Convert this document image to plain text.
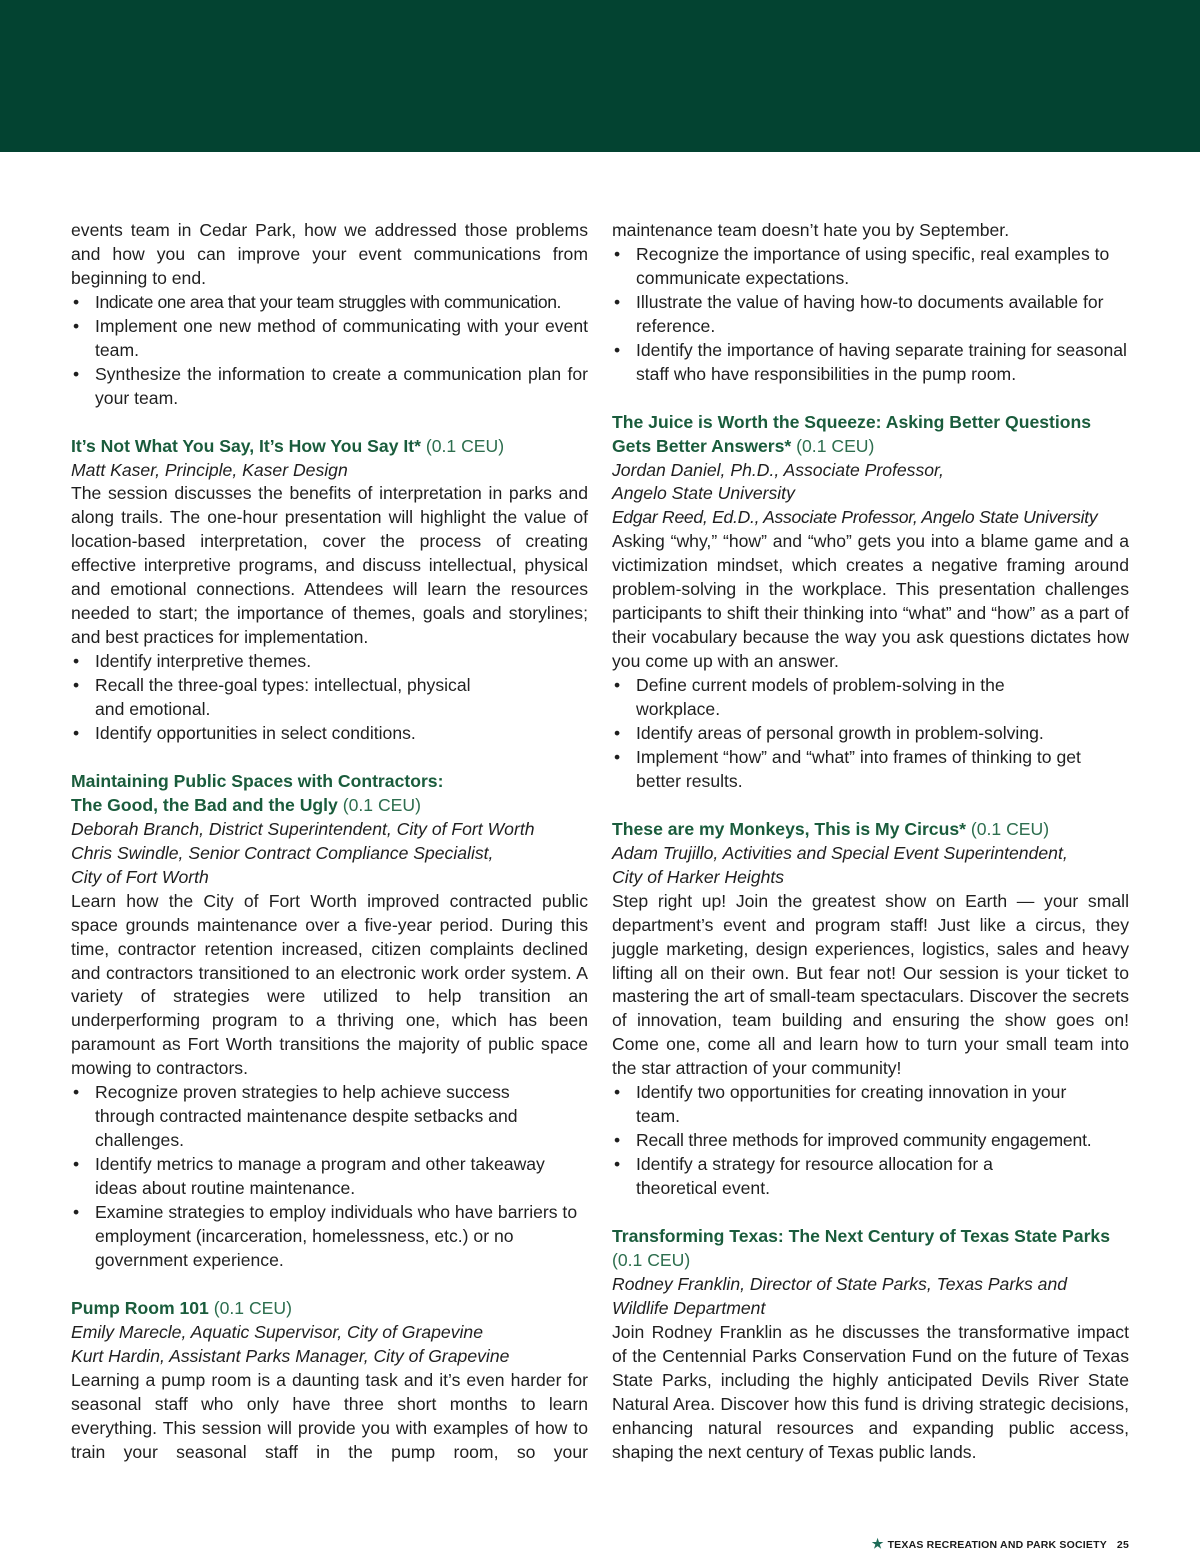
events team in Cedar Park, how we addressed those problems and how you can improve your event communications from beginning to end.

• Indicate one area that your team struggles with communication.
• Implement one new method of communicating with your event team.
• Synthesize the information to create a communication plan for your team.

It’s Not What You Say, It’s How You Say It* (0.1 CEU)

Matt Kaser, Principle, Kaser Design

The session discusses the benefits of interpretation in parks and along trails. The one-hour presentation will highlight the value of location-based interpretation, cover the process of creating effective interpretive programs, and discuss intellectual, physical and emotional connections. Attendees will learn the resources needed to start; the importance of themes, goals and storylines; and best practices for implementation.

• Identify interpretive themes.
• Recall the three-goal types: intellectual, physical and emotional.
• Identify opportunities in select conditions.

Maintaining Public Spaces with Contractors:

The Good, the Bad and the Ugly (0.1 CEU)

Deborah Branch, District Superintendent, City of Fort Worth

Chris Swindle, Senior Contract Compliance Specialist,

City of Fort Worth

Learn how the City of Fort Worth improved contracted public space grounds maintenance over a five-year period. During this time, contractor retention increased, citizen complaints declined and contractors transitioned to an electronic work order system. A variety of strategies were utilized to help transition an underperforming program to a thriving one, which has been paramount as Fort Worth transitions the majority of public space mowing to contractors.

• Recognize proven strategies to help achieve success through contracted maintenance despite setbacks and challenges.
• Identify metrics to manage a program and other takeaway ideas about routine maintenance.
• Examine strategies to employ individuals who have barriers to employment (incarceration, homelessness, etc.) or no government experience.

Pump Room 101 (0.1 CEU)

Emily Marecle, Aquatic Supervisor, City of Grapevine

Kurt Hardin, Assistant Parks Manager, City of Grapevine

Learning a pump room is a daunting task and it’s even harder for seasonal staff who only have three short months to learn everything. This session will provide you with examples of how to train your seasonal staff in the pump room, so your

maintenance team doesn’t hate you by September.

• Recognize the importance of using specific, real examples to communicate expectations.
• Illustrate the value of having how-to documents available for reference.
• Identify the importance of having separate training for seasonal staff who have responsibilities in the pump room.

The Juice is Worth the Squeeze: Asking Better Questions

Gets Better Answers* (0.1 CEU)

Jordan Daniel, Ph.D., Associate Professor,

Angelo State University

Edgar Reed, Ed.D., Associate Professor, Angelo State University

Asking “why,” “how” and “who” gets you into a blame game and a victimization mindset, which creates a negative framing around problem-solving in the workplace. This presentation challenges participants to shift their thinking into “what” and “how” as a part of their vocabulary because the way you ask questions dictates how you come up with an answer.

• Define current models of problem-solving in the workplace.
• Identify areas of personal growth in problem-solving.
• Implement “how” and “what” into frames of thinking to get better results.

These are my Monkeys, This is My Circus* (0.1 CEU)

Adam Trujillo, Activities and Special Event Superintendent,

City of Harker Heights

Step right up! Join the greatest show on Earth — your small department’s event and program staff! Just like a circus, they juggle marketing, design experiences, logistics, sales and heavy lifting all on their own. But fear not! Our session is your ticket to mastering the art of small-team spectaculars. Discover the secrets of innovation, team building and ensuring the show goes on! Come one, come all and learn how to turn your small team into the star attraction of your community!

• Identify two opportunities for creating innovation in your team.
• Recall three methods for improved community engagement.
• Identify a strategy for resource allocation for a theoretical event.

Transforming Texas: The Next Century of Texas State Parks

(0.1 CEU)

Rodney Franklin, Director of State Parks, Texas Parks and

Wildlife Department

Join Rodney Franklin as he discusses the transformative impact of the Centennial Parks Conservation Fund on the future of Texas State Parks, including the highly anticipated Devils River State Natural Area. Discover how this fund is driving strategic decisions, enhancing natural resources and expanding public access, shaping the next century of Texas public lands.

★ TEXAS RECREATION AND PARK SOCIETY 25
